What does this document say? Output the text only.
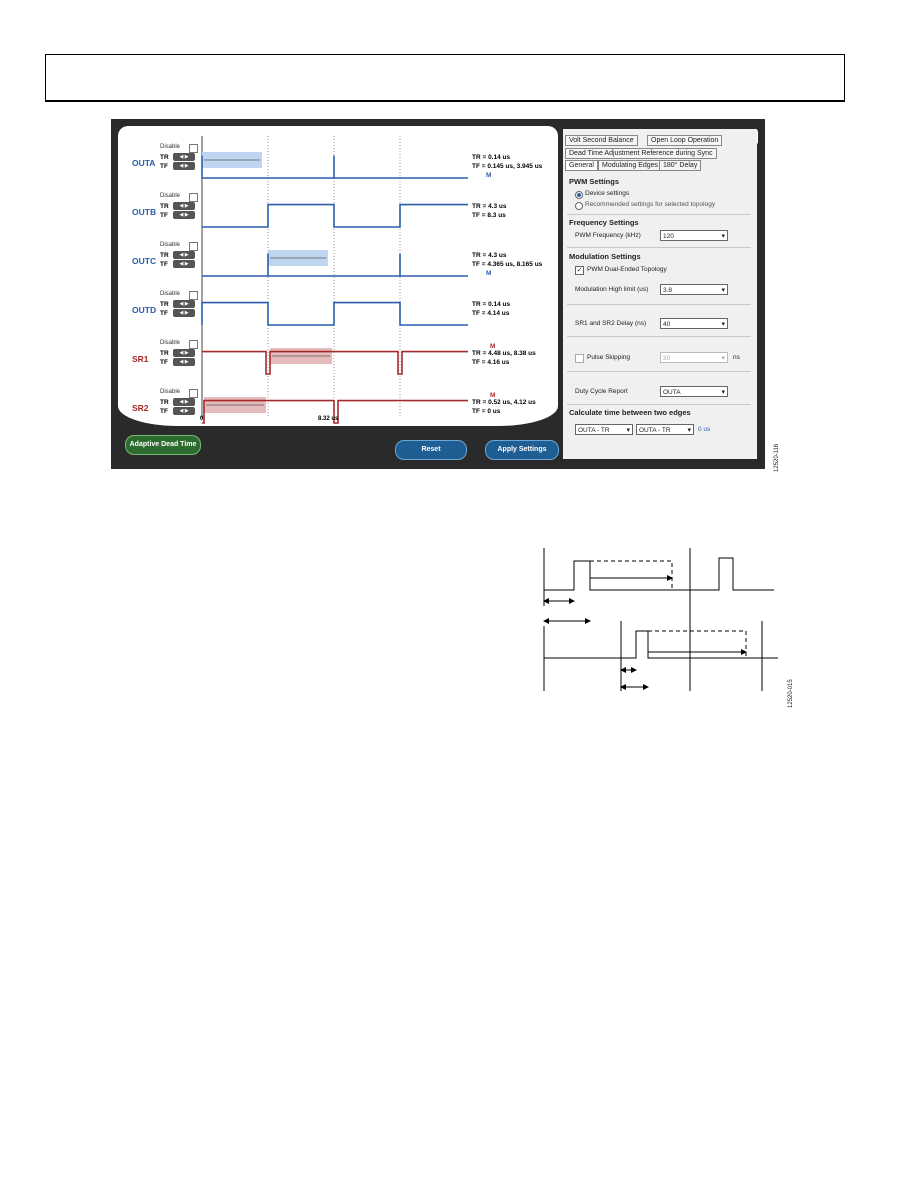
OUTA
Disable
TR
TF
◀ ▶
◀ ▶
TR = 0.14 us
TF = 0.145 us, 3.945 us
M
OUTB
Disable
TR
TF
◀ ▶
◀ ▶
TR = 4.3 us
TF = 8.3 us
OUTC
Disable
TR
TF
◀ ▶
◀ ▶
TR = 4.3 us
TF = 4.365 us, 8.165 us
M
OUTD
Disable
TR
TF
◀ ▶
◀ ▶
TR = 0.14 us
TF = 4.14 us
SR1
Disable
TR
TF
◀ ▶
◀ ▶
TR = 4.48 us, 8.38 us
TF = 4.16 us
M
SR2
Disable
TR
TF
◀ ▶
◀ ▶
TR = 0.52 us, 4.12 us
TF = 0 us
M
0	8.32 us
Volt Second Balance	Open Loop Operation
Dead Time Adjustment Reference during Sync
General	Modulating Edges 180° Delay
PWM Settings
Device settings
Recommended settings for selected topology
Frequency Settings
PWM Frequency (kHz)	120 ▾
Modulation Settings
✓ PWM Dual-Ended Topology
Modulation High limit (us)	3.8 ▾
SR1 and SR2 Delay (ns)	40 ▾
Pulse Skipping	30 ▾	ns
Duty Cycle Report	OUTA ▾
Calculate time between two edges
OUTA - TR ▾	OUTA - TR ▾	0 us
Adaptive Dead Time
Reset	Apply Settings	12520-116
12520-015
